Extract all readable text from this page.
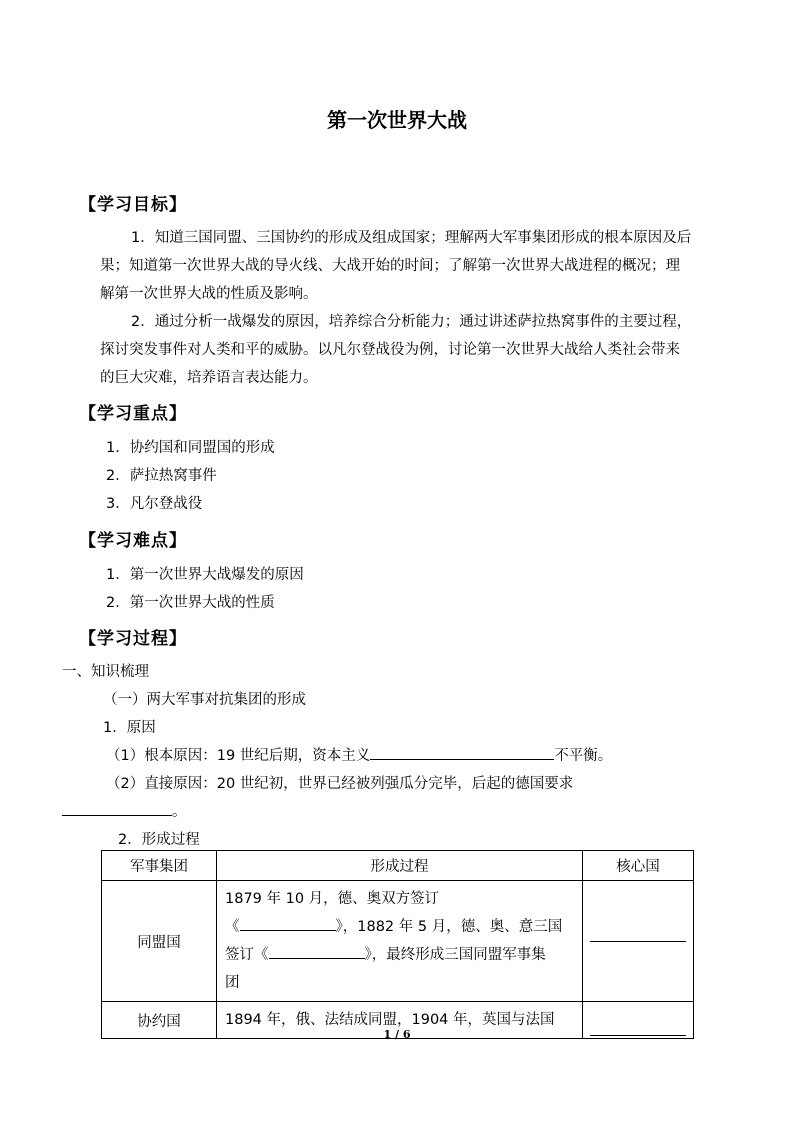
第一次世界大战
【学习目标】
1．知道三国同盟、三国协约的形成及组成国家；理解两大军事集团形成的根本原因及后
果；知道第一次世界大战的导火线、大战开始的时间；了解第一次世界大战进程的概况；理
解第一次世界大战的性质及影响。
2．通过分析一战爆发的原因，培养综合分析能力；通过讲述萨拉热窝事件的主要过程，
探讨突发事件对人类和平的威胁。以凡尔登战役为例，讨论第一次世界大战给人类社会带来
的巨大灾难，培养语言表达能力。
【学习重点】
1．协约国和同盟国的形成
2．萨拉热窝事件
3．凡尔登战役
【学习难点】
1．第一次世界大战爆发的原因
2．第一次世界大战的性质
【学习过程】
一、知识梳理
（一）两大军事对抗集团的形成
1．原因
（1）根本原因：19 世纪后期，资本主义	不平衡。
（2）直接原因：20 世纪初，世界已经被列强瓜分完毕，后起的德国要求
。
2．形成过程
军事集团	形成过程	核心国
同盟国	1879 年 10 月，德、奥双方签订
《 》，1882 年 5 月，德、奥、意三国
签订《 》，最终形成三国同盟军事集
团	

协约国	1894 年，俄、法结成同盟，1904 年，英国与法国	
1 / 6
